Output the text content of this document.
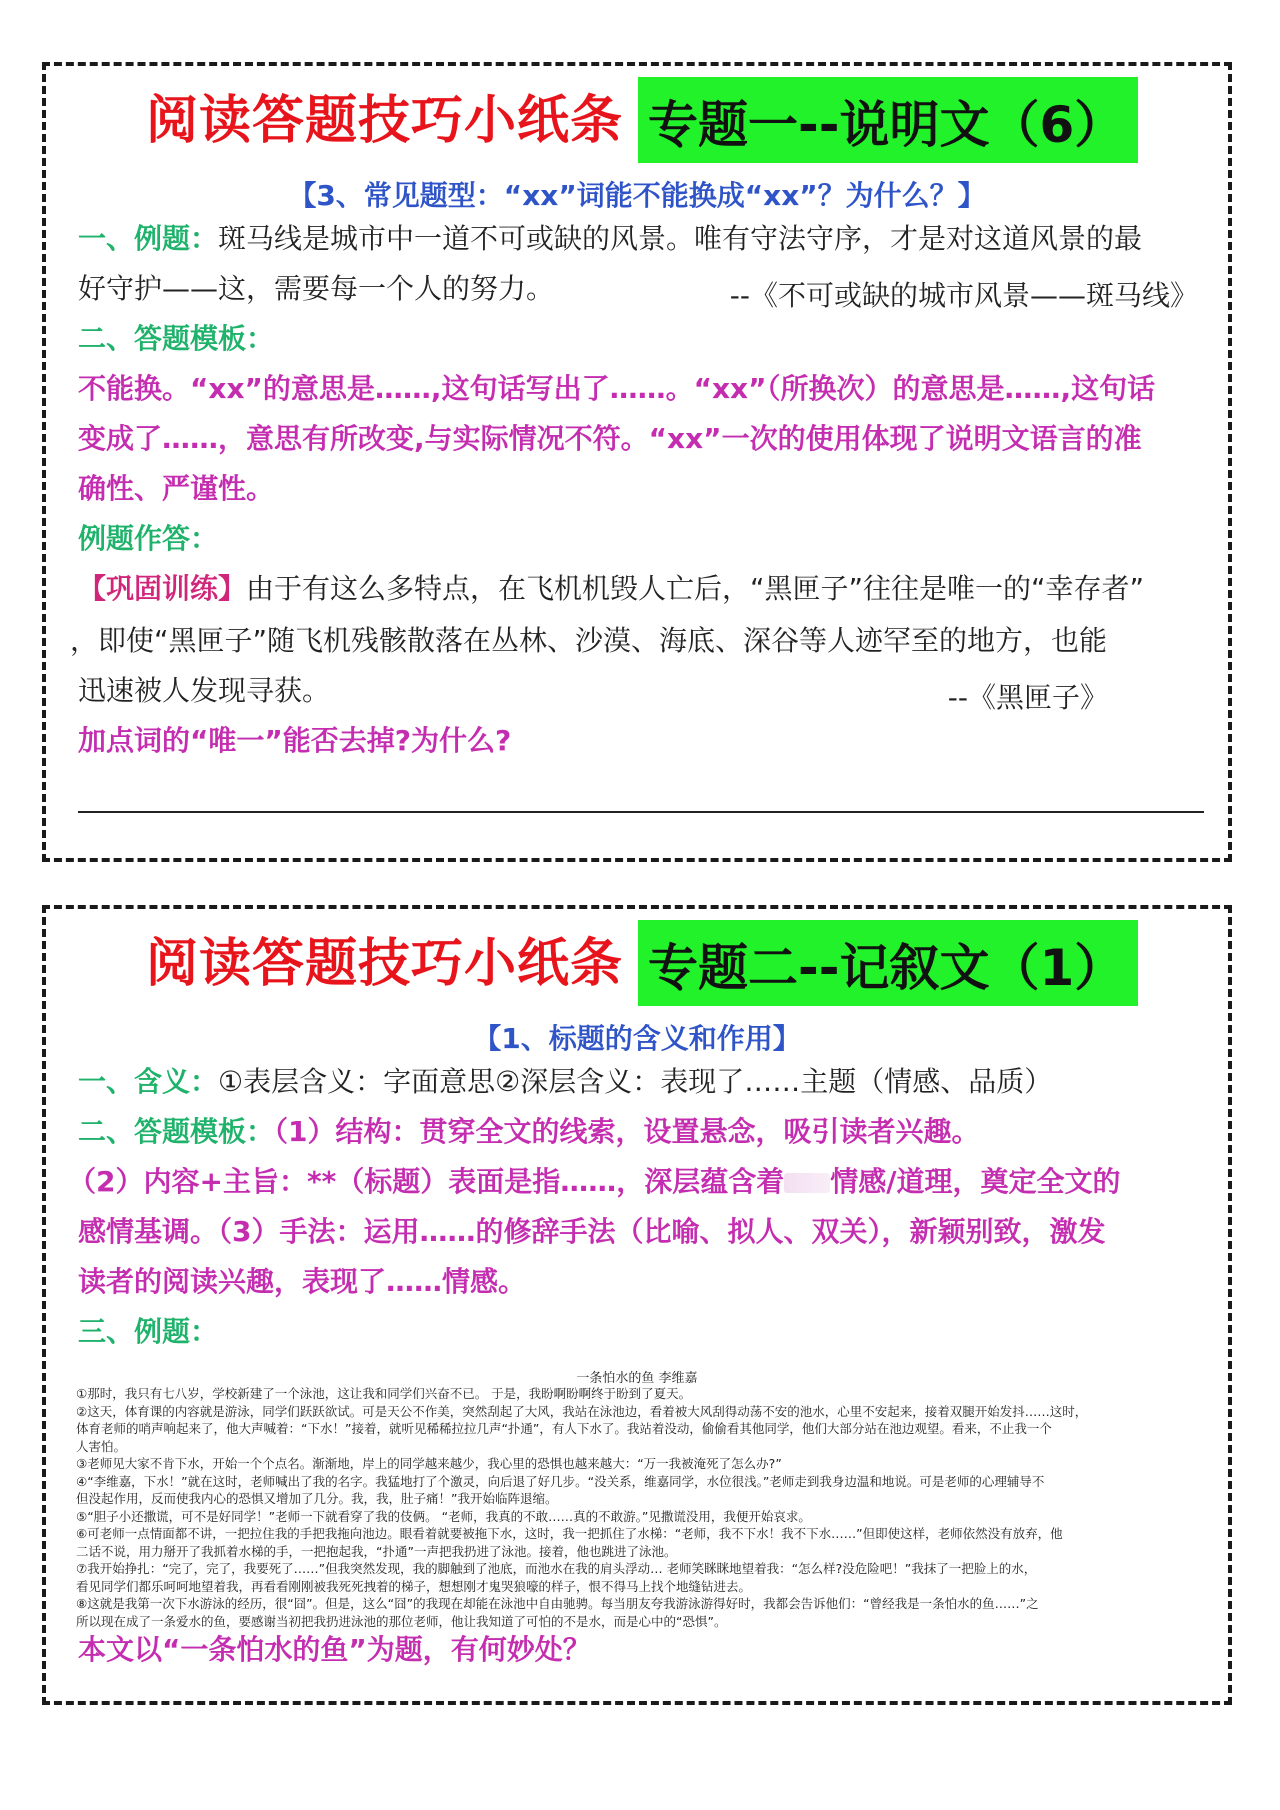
阅读答题技巧小纸条 专题一--说明文（6）
【3、常见题型：“xx”词能不能换成“xx”？为什么？】
一、例题：斑马线是城市中一道不可或缺的风景。唯有守法守序，才是对这道风景的最
好守护——这，需要每一个人的努力。	--《不可或缺的城市风景——斑马线》
二、答题模板：
不能换。“xx”的意思是……,这句话写出了……。“xx”（所换次）的意思是……,这句话
变成了……，意思有所改变,与实际情况不符。“xx”一次的使用体现了说明文语言的准
确性、严谨性。
例题作答：
【巩固训练】由于有这么多特点，在飞机机毁人亡后，“黑匣子”往往是唯一的“幸存者”
，即使“黑匣子”随飞机残骸散落在丛林、沙漠、海底、深谷等人迹罕至的地方，也能
迅速被人发现寻获。	--《黑匣子》
加点词的“唯一”能否去掉?为什么?
阅读答题技巧小纸条 专题二--记叙文（1）
【1、标题的含义和作用】
一、含义：①表层含义：字面意思②深层含义：表现了……主题（情感、品质）
二、答题模板：（1）结构：贯穿全文的线索，设置悬念，吸引读者兴趣。
（2）内容+主旨：**（标题）表面是指……，深层蕴含着 情感/道理，奠定全文的
感情基调。（3）手法：运用……的修辞手法（比喻、拟人、双关），新颖别致，激发
读者的阅读兴趣，表现了……情感。
三、例题：
一条怕水的鱼 李维嘉

①那时，我只有七八岁，学校新建了一个泳池，这让我和同学们兴奋不已。 于是，我盼啊盼啊终于盼到了夏天。

②这天，体育课的内容就是游泳，同学们跃跃欲试。可是天公不作美，突然刮起了大风，我站在泳池边，看着被大风刮得动荡不安的池水，心里不安起来，接着双腿开始发抖……这时，

体育老师的哨声响起来了，他大声喊着：“下水！”接着，就听见稀稀拉拉几声“扑通”，有人下水了。我站着没动，偷偷看其他同学，他们大部分站在池边观望。看来，不止我一个

人害怕。

③老师见大家不肯下水，开始一个个点名。渐渐地，岸上的同学越来越少，我心里的恐惧也越来越大：“万一我被淹死了怎么办?”

④“李维嘉，下水！”就在这时，老师喊出了我的名字。我猛地打了个激灵，向后退了好几步。“没关系，维嘉同学，水位很浅。”老师走到我身边温和地说。可是老师的心理辅导不

但没起作用，反而使我内心的恐惧又增加了几分。我，我，肚子痛！”我开始临阵退缩。

⑤“胆子小还撒谎，可不是好同学！”老师一下就看穿了我的伎俩。 “老师，我真的不敢……真的不敢游。”见撒谎没用，我便开始哀求。

⑥可老师一点情面都不讲，一把拉住我的手把我拖向池边。眼看着就要被拖下水，这时，我一把抓住了水梯：“老师，我不下水！我不下水……”但即使这样，老师依然没有放弃，他

二话不说，用力掰开了我抓着水梯的手，一把抱起我，“扑通”一声把我扔进了泳池。接着，他也跳进了泳池。

⑦我开始挣扎：“完了，完了，我要死了……”但我突然发现，我的脚触到了池底，而池水在我的肩头浮动… 老师笑眯眯地望着我：“怎么样?没危险吧！”我抹了一把脸上的水，

看见同学们都乐呵呵地望着我，再看看刚刚被我死死拽着的梯子，想想刚才鬼哭狼嚎的样子，恨不得马上找个地缝钻进去。

⑧这就是我第一次下水游泳的经历，很“囧”。但是，这么“囧”的我现在却能在泳池中自由驰骋。每当朋友夸我游泳游得好时，我都会告诉他们：“曾经我是一条怕水的鱼……”之

所以现在成了一条爱水的鱼，要感谢当初把我扔进泳池的那位老师，他让我知道了可怕的不是水，而是心中的“恐惧”。

本文以“一条怕水的鱼”为题，有何妙处？
